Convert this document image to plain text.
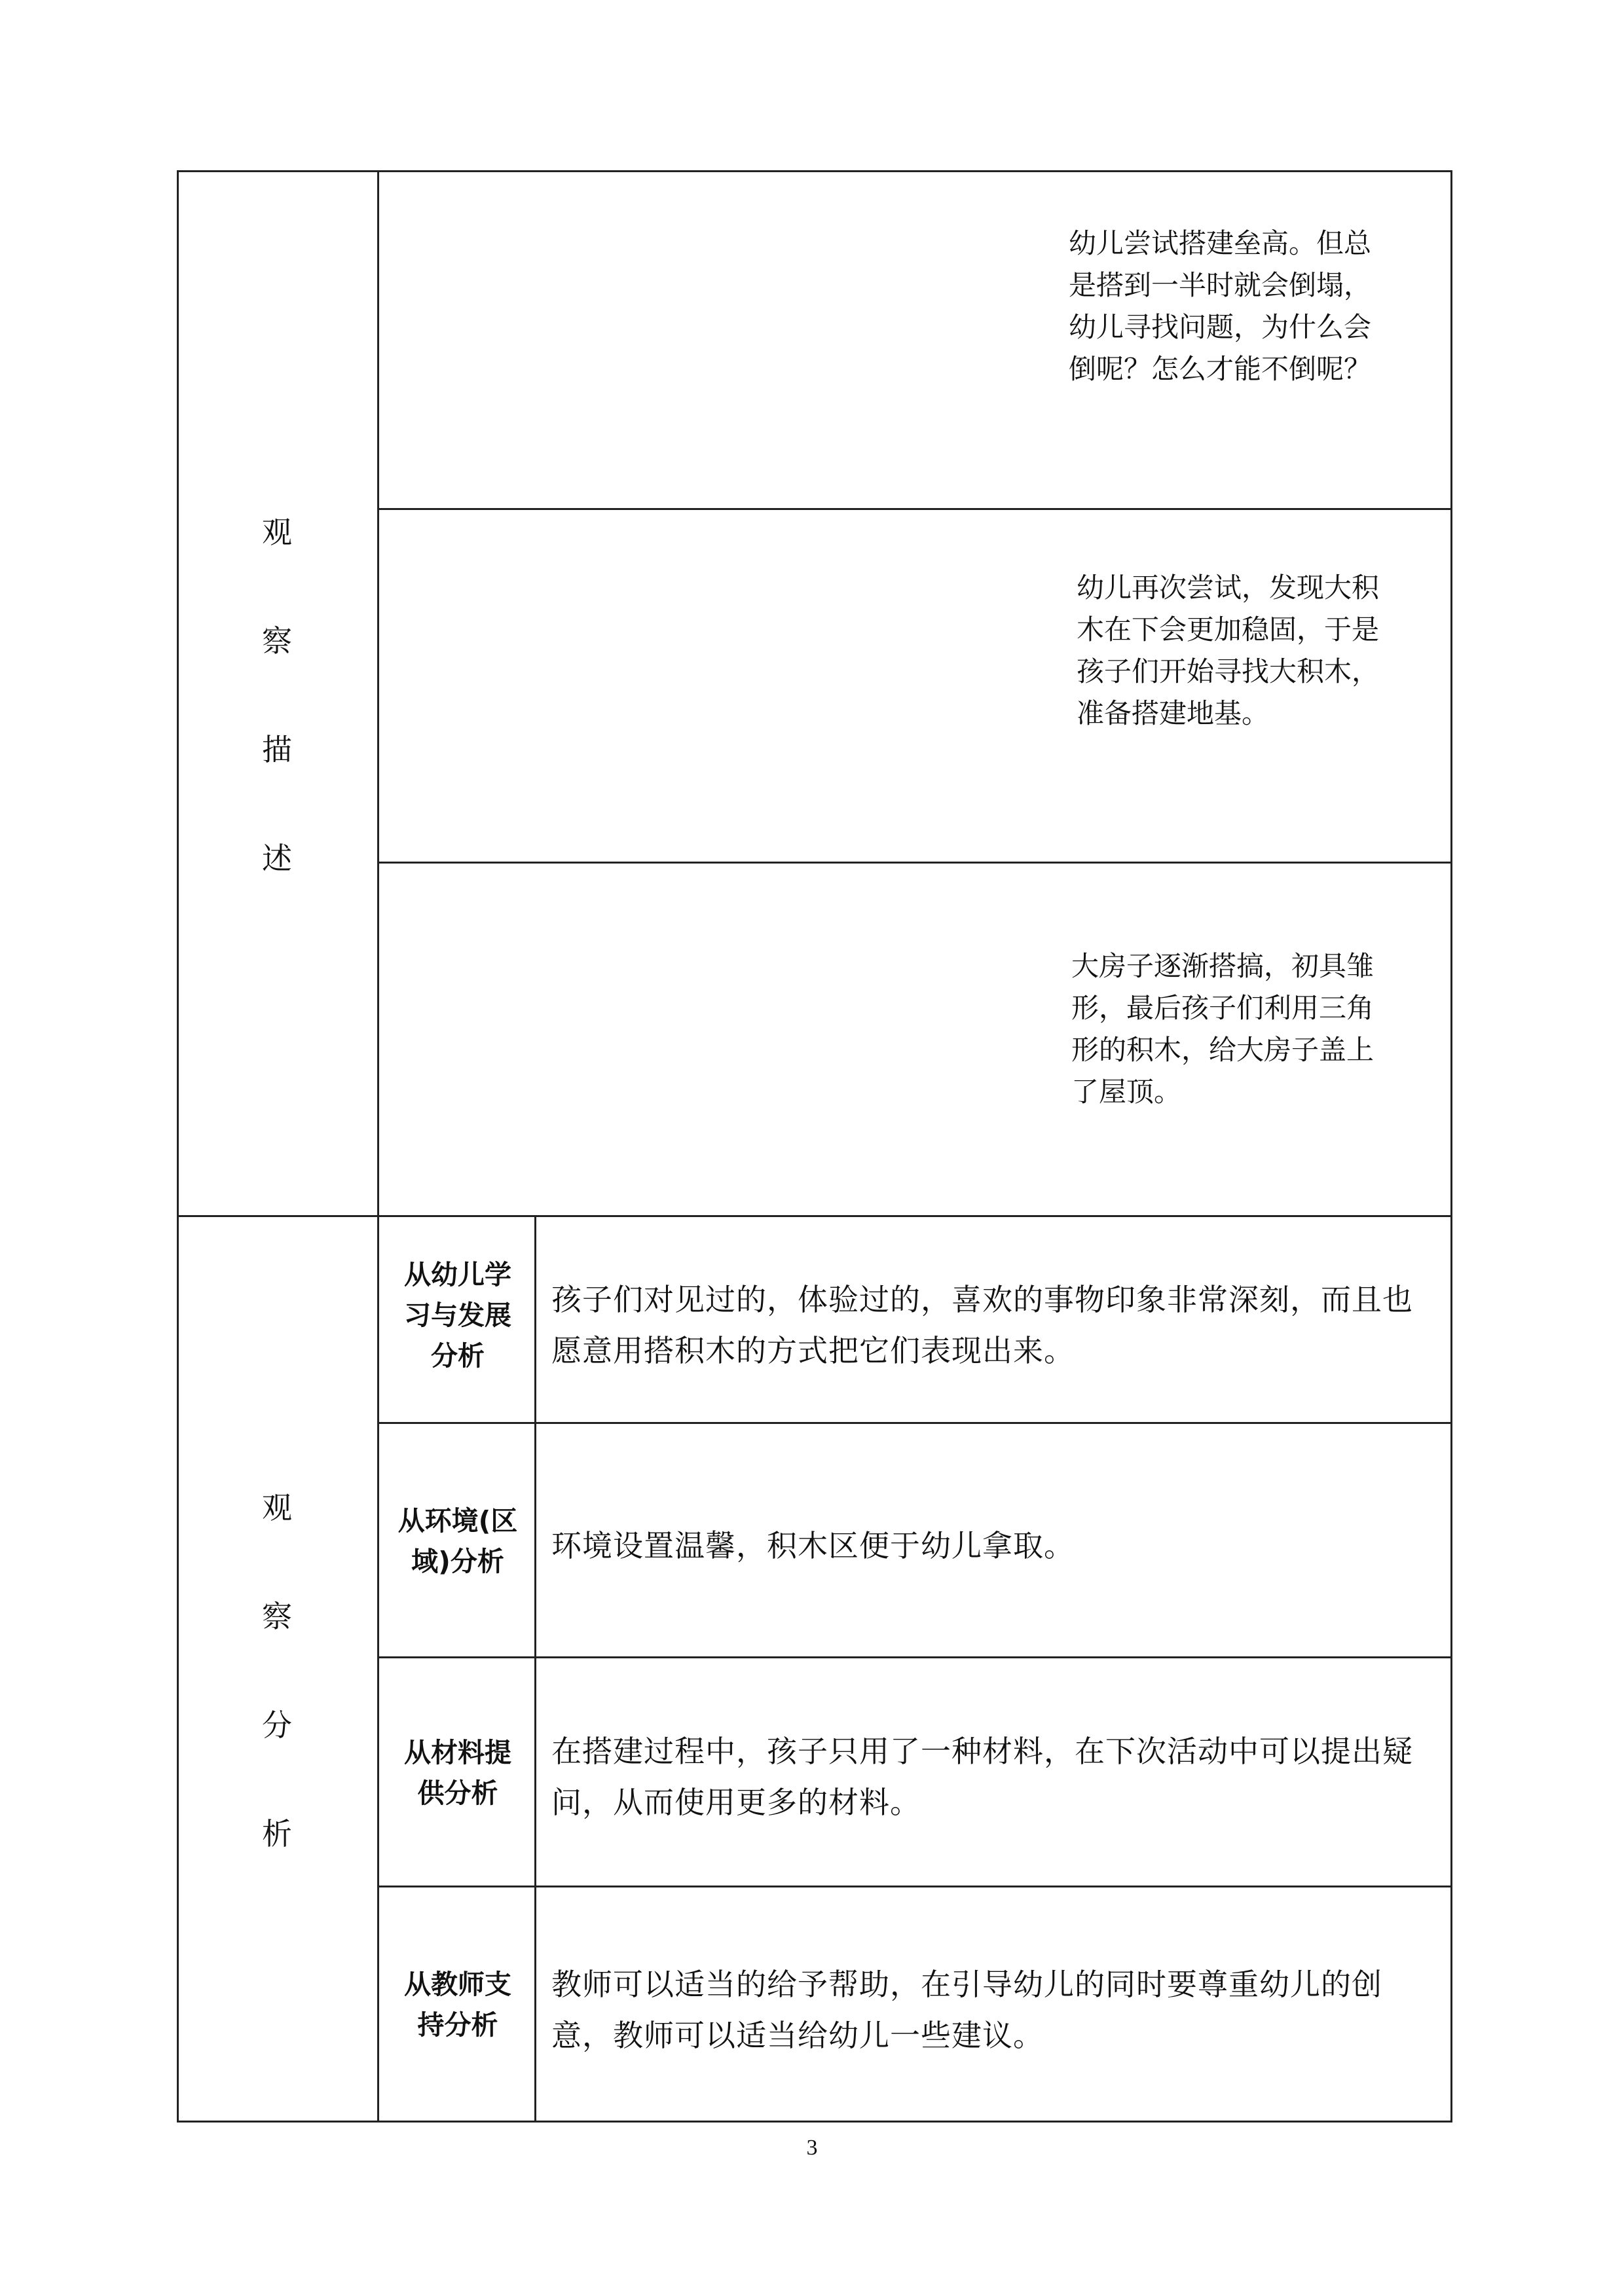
观
察
描
述
幼儿尝试搭建垒高。但总
是搭到一半时就会倒塌，
幼儿寻找问题，为什么会
倒呢？怎么才能不倒呢？
幼儿再次尝试，发现大积
木在下会更加稳固，于是
孩子们开始寻找大积木，
准备搭建地基。
大房子逐渐搭搞，初具雏
形，最后孩子们利用三角
形的积木，给大房子盖上
了屋顶。
观
察
分
析
从幼儿学
习与发展
分析
孩子们对见过的，体验过的，喜欢的事物印象非常深刻，而且也愿意用搭积木的方式把它们表现出来。
从环境(区
域)分析	环境设置温馨，积木区便于幼儿拿取。
从材料提
供分析
在搭建过程中，孩子只用了一种材料，在下次活动中可以提出疑问，从而使用更多的材料。
从教师支
持分析
教师可以适当的给予帮助，在引导幼儿的同时要尊重幼儿的创意，教师可以适当给幼儿一些建议。
3
